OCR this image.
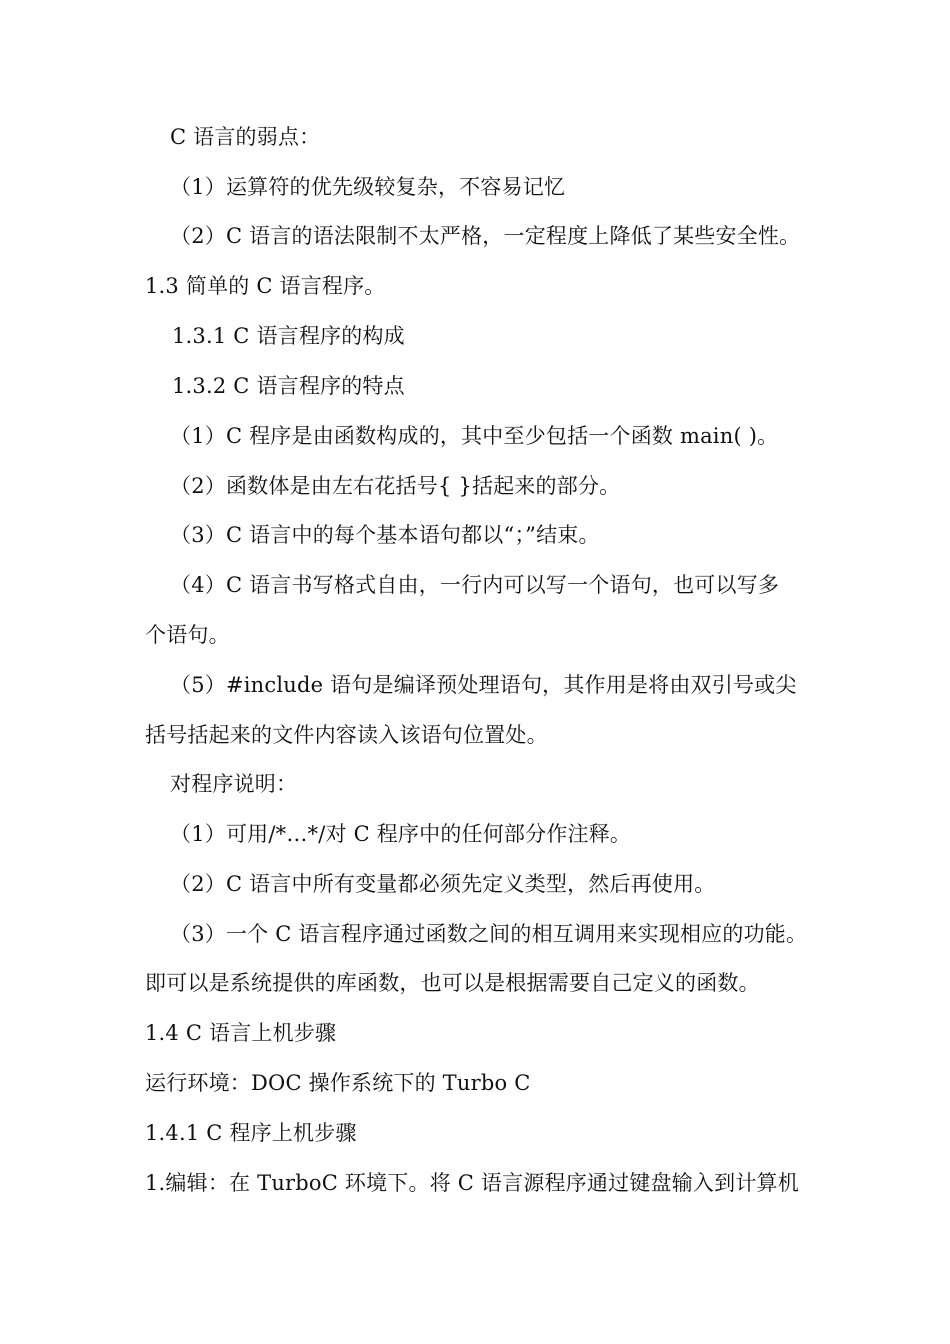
C 语言的弱点：
（1）运算符的优先级较复杂，不容易记忆
（2）C 语言的语法限制不太严格，一定程度上降低了某些安全性。
1.3 简单的 C 语言程序。
1.3.1 C 语言程序的构成
1.3.2 C 语言程序的特点
（1）C 程序是由函数构成的，其中至少包括一个函数 main( )。
（2）函数体是由左右花括号{ }括起来的部分。
（3）C 语言中的每个基本语句都以“；”结束。
（4）C 语言书写格式自由，一行内可以写一个语句，也可以写多
个语句。
（5）#include 语句是编译预处理语句，其作用是将由双引号或尖
括号括起来的文件内容读入该语句位置处。
对程序说明：
（1）可用/*…*/对 C 程序中的任何部分作注释。
（2）C 语言中所有变量都必须先定义类型，然后再使用。
（3）一个 C 语言程序通过函数之间的相互调用来实现相应的功能。
即可以是系统提供的库函数，也可以是根据需要自己定义的函数。
1.4 C 语言上机步骤
运行环境：DOC 操作系统下的 Turbo C
1.4.1 C 程序上机步骤
1.编辑：在 TurboC 环境下。将 C 语言源程序通过键盘输入到计算机
